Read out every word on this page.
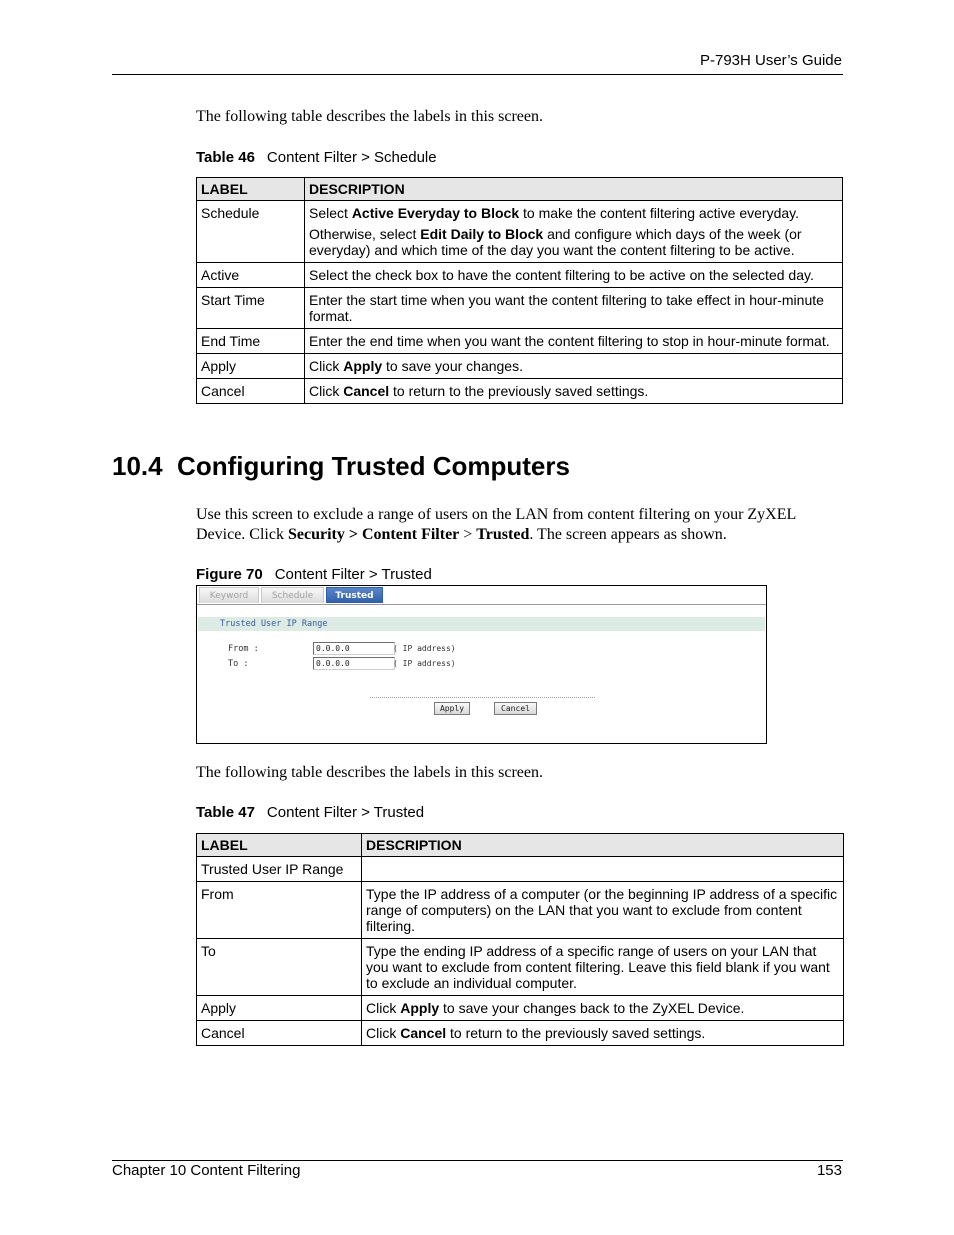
P-793H User’s Guide
The following table describes the labels in this screen.
Table 46 Content Filter > Schedule
LABEL	DESCRIPTION
Schedule	Select Active Everyday to Block to make the content filtering active everyday.

Otherwise, select Edit Daily to Block and configure which days of the week (or everyday) and which time of the day you want the content filtering to be active.

Active	Select the check box to have the content filtering to be active on the selected day.
Start Time	Enter the start time when you want the content filtering to take effect in hour-minute format.
End Time	Enter the end time when you want the content filtering to stop in hour-minute format.
Apply	Click Apply to save your changes.
Cancel	Click Cancel to return to the previously saved settings.
10.4  Configuring Trusted Computers
Use this screen to exclude a range of users on the LAN from content filtering on your ZyXEL Device. Click Security > Content Filter > Trusted. The screen appears as shown.
Figure 70 Content Filter > Trusted
Keyword	Schedule	Trusted
Trusted User IP Range
From :	0.0.0.0	( IP address)
To :	0.0.0.0	( IP address)
Apply	Cancel
The following table describes the labels in this screen.
Table 47 Content Filter > Trusted
LABEL	DESCRIPTION
Trusted User IP Range	
From	Type the IP address of a computer (or the beginning IP address of a specific range of computers) on the LAN that you want to exclude from content filtering.
To	Type the ending IP address of a specific range of users on your LAN that you want to exclude from content filtering. Leave this field blank if you want to exclude an individual computer.
Apply	Click Apply to save your changes back to the ZyXEL Device.
Cancel	Click Cancel to return to the previously saved settings.
Chapter 10 Content Filtering	153
